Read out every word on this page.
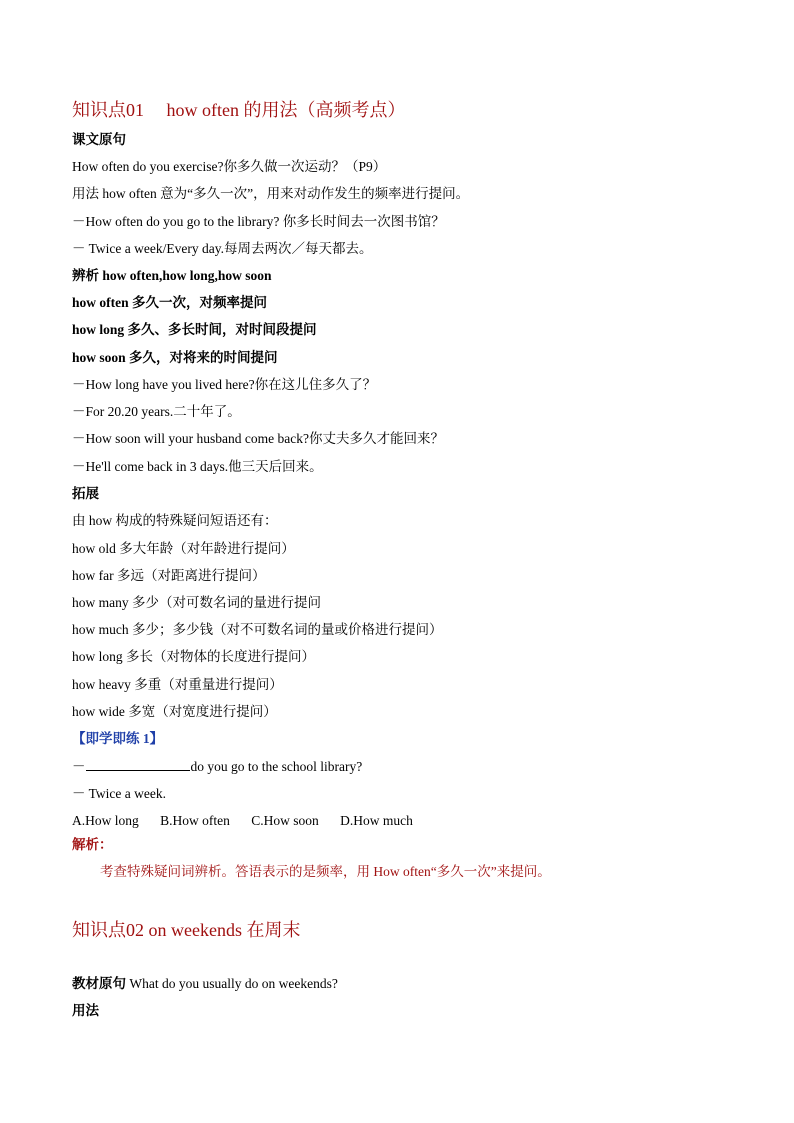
知识点01　 how often 的用法（高频考点）
课文原句
How often do you exercise?你多久做一次运动？（P9）
用法 how often 意为“多久一次”，用来对动作发生的频率进行提问。
－How often do you go to the library? 你多长时间去一次图书馆？
－ Twice a week/Every day.每周去两次／每天都去。
辨析 how often,how long,how soon
how often 多久一次，对频率提问
how long 多久、多长时间，对时间段提问
how soon 多久，对将来的时间提问
－How long have you lived here?你在这儿住多久了？
－For 20.20 years.二十年了。
－How soon will your husband come back?你丈夫多久才能回来？
－He'll come back in 3 days.他三天后回来。
拓展
由 how 构成的特殊疑问短语还有：
how old 多大年龄（对年龄进行提问）
how far 多远（对距离进行提问）
how many 多少（对可数名词的量进行提问
how much 多少；多少钱（对不可数名词的量或价格进行提问）
how long 多长（对物体的长度进行提问）
how heavy 多重（对重量进行提问）
how wide 多宽（对宽度进行提问）
【即学即练 1】
－	do you go to the school library?
－ Twice a week.
A.How long B.How often C.How soon D.How much
解析：
考查特殊疑问词辨析。答语表示的是频率，用 How often“多久一次”来提问。
知识点02 on weekends 在周末
教材原句 What do you usually do on weekends?
用法
